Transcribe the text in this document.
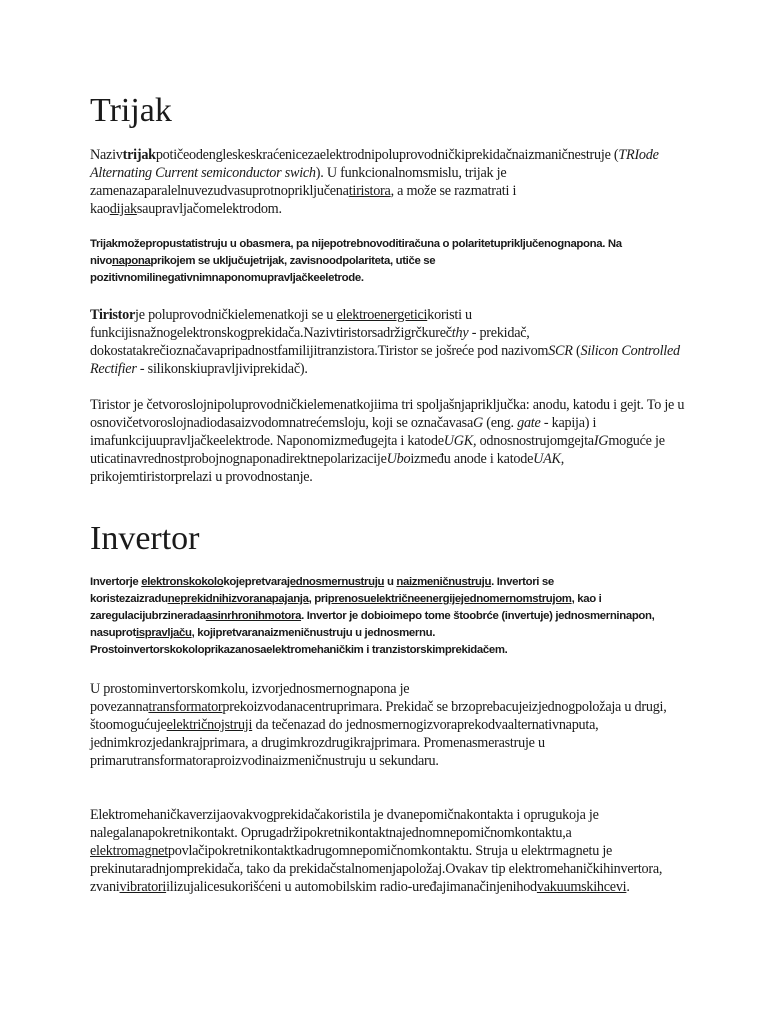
Trijak

Nazivtrijakpotičeodengleskeskraćenicezaelektrodnipoluprovodničkiprekidačnaizmaničnestruje (TRIode Alternating Current semiconductor swich). U funkcionalnomsmislu, trijak je zamenazaparalelnuvezudvasuprotnopriključenatiristora, a može se razmatrati i kaodijaksaupravljačomelektrodom.

Trijakmožepropustatistruju u obasmera, pa nijepotrebnovoditiračuna o polaritetupriključenognapona. Na nivonaponaprikojem se uključujetrijak, zavisnoodpolariteta, utiče se pozitivnomilinegativnimnaponomupravljačkeeletrode.

Tiristorje poluprovodničkielemenatkoji se u elektroenergeticikoristi u funkcijisnažnogelektronskogprekidača.Nazivtiristorsadržigrčkurečthy - prekidač, dokostatakrečioznačavapripadnostfamilijitranzistora.Tiristor se jošreće pod nazivomSCR (Silicon Controlled Rectifier - silikonskiupravljiviprekidač).

Tiristor je četvoroslojnipoluprovodničkielemenatkojiima tri spoljašnjapriključka: anodu, katodu i gejt. To je u osnovičetvoroslojnadiodasaizvodomnatrećemsloju, koji se označavasaG (eng. gate - kapija) i imafunkcijuupravljačkeelektrode. Naponomizmeđugejta i katodeUGK, odnosnostrujomgejtaIGmoguće je uticatinavrednostprobojnognaponadirektnepolarizacijeUboizmeđu anode i katodeUAK, prikojemtiristorprelazi u provodnostanje.

Invertor

Invertorje elektronskokolokojepretvarajednosmernustruju u naizmeničnustruju. Invertori se koristezaizraduneprekidnihizvoranapajanja, priprenosuelektričneenergijejednomernomstrujom, kao i zaregulacijubrzineradaasinrhronihmotora. Invertor je dobioimepo tome štoobrće (invertuje) jednosmerninapon, nasuprotispravljaču, kojipretvaranaizmeničnustruju u jednosmernu. Prostoinvertorskokoloprikazanosaelektromehaničkim i tranzistorskimprekidačem.

U prostominvertorskomkolu, izvorjednosmernognapona je povezannatransformatorprekoizvodanacentruprimara. Prekidač se brzoprebacujeizjednogpoložaja u drugi, štoomogućujeelektričnojstruji da tečenazad do jednosmernogizvoraprekodvaalternativnaputa, jednimkrozjedankrajprimara, a drugimkrozdrugikrajprimara. Promenasmerastruje u primarutransformatoraproizvodinaizmeničnustruju u sekundaru.

Elektromehaničkaverzijaovakvogprekidačakoristila je dvanepomičnakontakta i oprugukoja je nalegalanapokretnikontakt. Oprugadržipokretnikontaktnajednomnepomičnomkontaktu,a elektromagnetpovlačipokretnikontaktkadrugomnepomičnomkontaktu. Struja u elektrmagnetu je prekinutaradnjomprekidača, tako da prekidačstalnomenjapoložaj.Ovakav tip elektromehaničkihinvertora, zvanivibratoriilizujalicesukorišćeni u automobilskim radio-uređajimanačinjenihodvakuumskihcevi.
